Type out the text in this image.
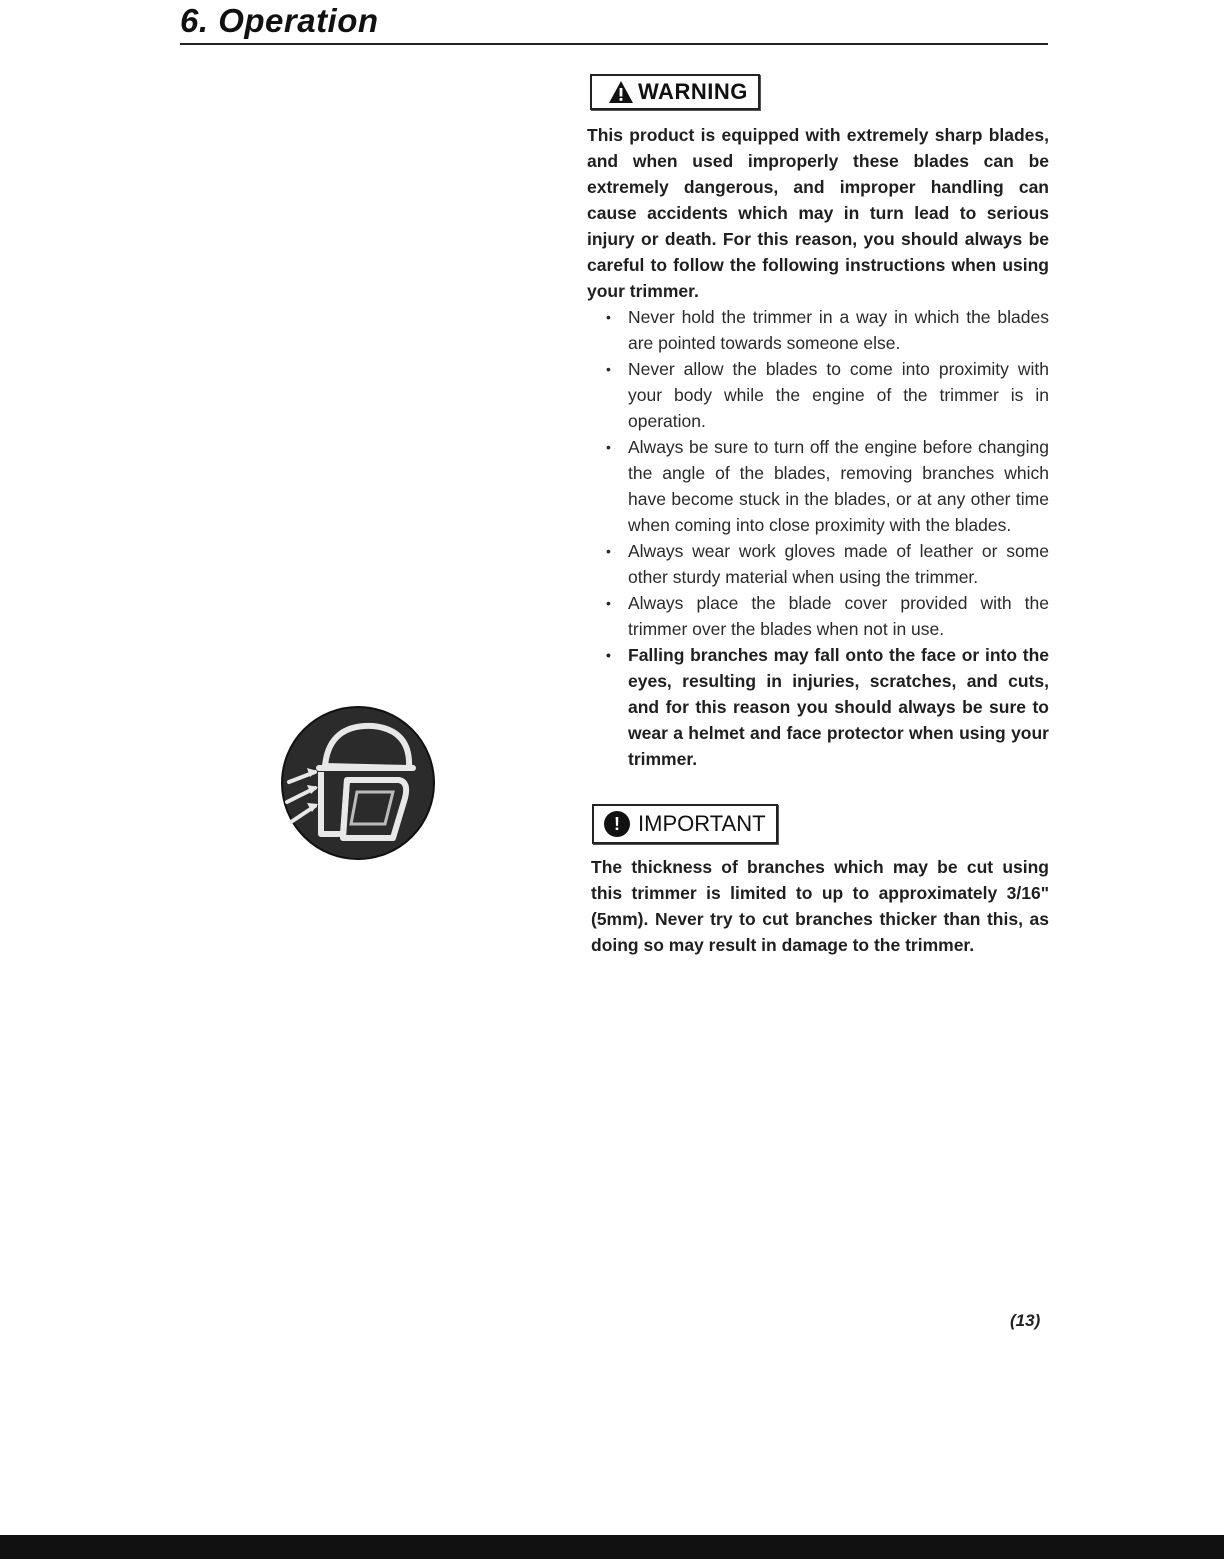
6. Operation
WARNING

This product is equipped with extremely sharp blades, and when used improperly these blades can be extremely dangerous, and improper handling can cause accidents which may in turn lead to serious injury or death. For this reason, you should always be careful to follow the following instructions when using your trimmer.

• Never hold the trimmer in a way in which the blades are pointed towards someone else.
• Never allow the blades to come into proximity with your body while the engine of the trimmer is in operation.
• Always be sure to turn off the engine before changing the angle of the blades, removing branches which have become stuck in the blades, or at any other time when coming into close proximity with the blades.
• Always wear work gloves made of leather or some other sturdy material when using the trimmer.
• Always place the blade cover provided with the trimmer over the blades when not in use.
• Falling branches may fall onto the face or into the eyes, resulting in injuries, scratches, and cuts, and for this reason you should always be sure to wear a helmet and face protector when using your trimmer.
! IMPORTANT

The thickness of branches which may be cut using this trimmer is limited to up to approximately 3/16" (5mm). Never try to cut branches thicker than this, as doing so may result in damage to the trimmer.

(13)
